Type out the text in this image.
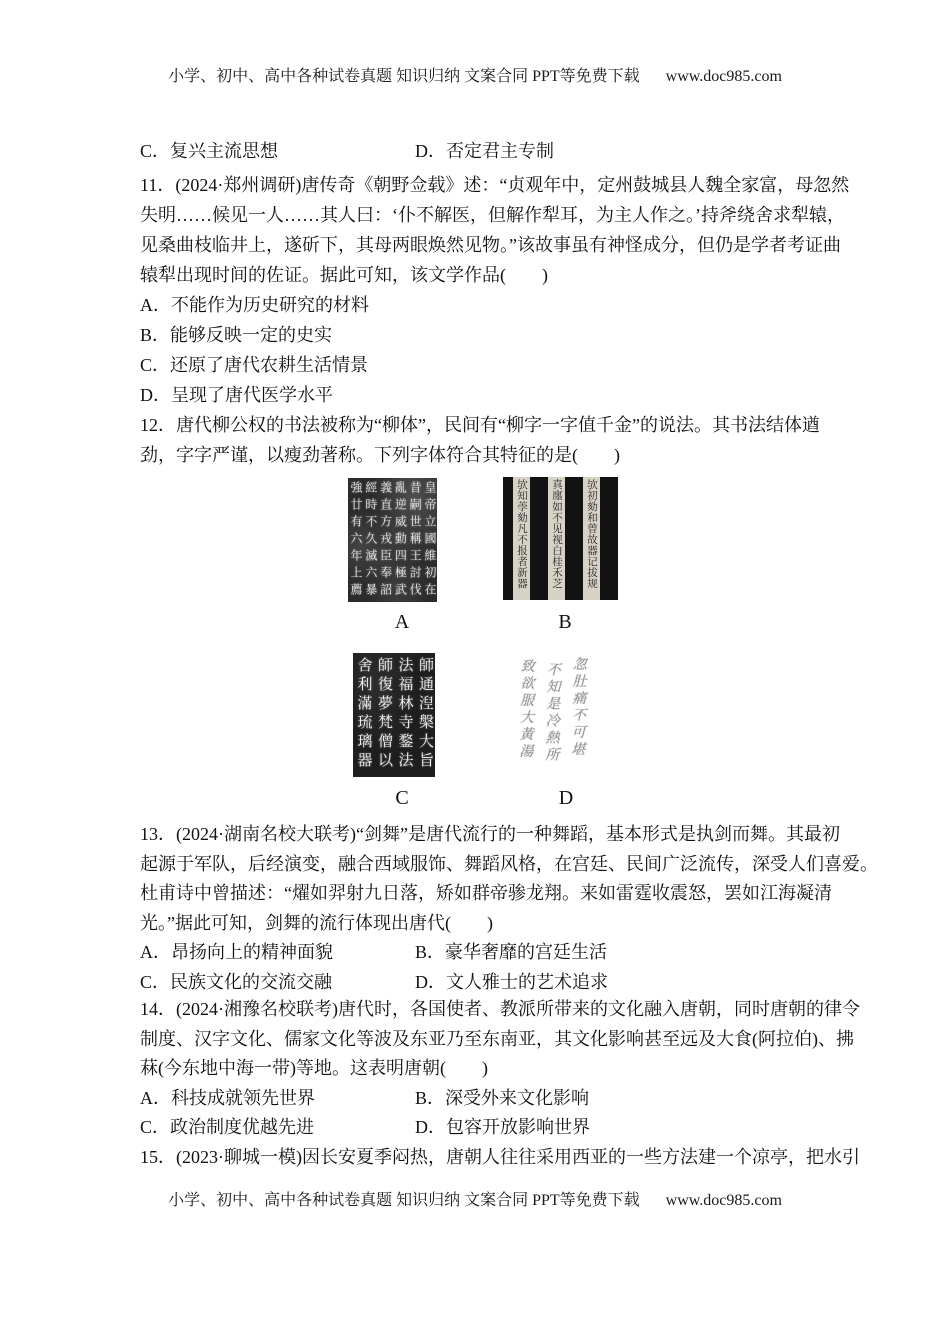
小学、初中、高中各种试卷真题 知识归纳 文案合同 PPT等免费下载 www.doc985.com
C．复兴主流思想	D．否定君主专制
11．(2024·郑州调研)唐传奇《朝野佥载》述：“贞观年中，定州鼓城县人魏全家富，母忽然
失明……候见一人……其人曰：‘仆不解医，但解作犁耳，为主人作之。’持斧绕舍求犁辕，
见桑曲枝临井上，遂斫下，其母两眼焕然见物。”该故事虽有神怪成分，但仍是学者考证曲
辕犁出现时间的佐证。据此可知，该文学作品(　　)
A．不能作为历史研究的材料
B．能够反映一定的史实
C．还原了唐代农耕生活情景
D．呈现了唐代医学水平
12．唐代柳公权的书法被称为“柳体”，民间有“柳字一字值千金”的说法。其书法结体遒
劲，字字严谨，以瘦劲著称。下列字体符合其特征的是(　　)
皇帝立國維初在
昔嗣世稱王討伐
亂逆威動四極武
義直方戎臣奉詔
經時不久滅六暴
強廿有六年上薦	欤知荸劾凡不报者新器 真廛如不见视白桂禾芝 欤初劾和曾故器记拔规
師通湼槃大旨
法福林寺鍪法
師復夢梵僧以
舍利滿琉璃器	忽肚痛不可堪
不知是冷熱所
致欲服大黃湯
A	B
C	D
13．(2024·湖南名校大联考)“剑舞”是唐代流行的一种舞蹈，基本形式是执剑而舞。其最初
起源于军队，后经演变，融合西域服饰、舞蹈风格，在宫廷、民间广泛流传，深受人们喜爱。
杜甫诗中曾描述：“燿如羿射九日落，矫如群帝骖龙翔。来如雷霆收震怒，罢如江海凝清
光。”据此可知，剑舞的流行体现出唐代(　　)
A．昂扬向上的精神面貌	B．豪华奢靡的宫廷生活
C．民族文化的交流交融	D．文人雅士的艺术追求
14．(2024·湘豫名校联考)唐代时，各国使者、教派所带来的文化融入唐朝，同时唐朝的律令
制度、汉字文化、儒家文化等波及东亚乃至东南亚，其文化影响甚至远及大食(阿拉伯)、拂
菻(今东地中海一带)等地。这表明唐朝(　　)
A．科技成就领先世界	B．深受外来文化影响
C．政治制度优越先进	D．包容开放影响世界
15．(2023·聊城一模)因长安夏季闷热，唐朝人往往采用西亚的一些方法建一个凉亭，把水引
小学、初中、高中各种试卷真题 知识归纳 文案合同 PPT等免费下载 www.doc985.com
